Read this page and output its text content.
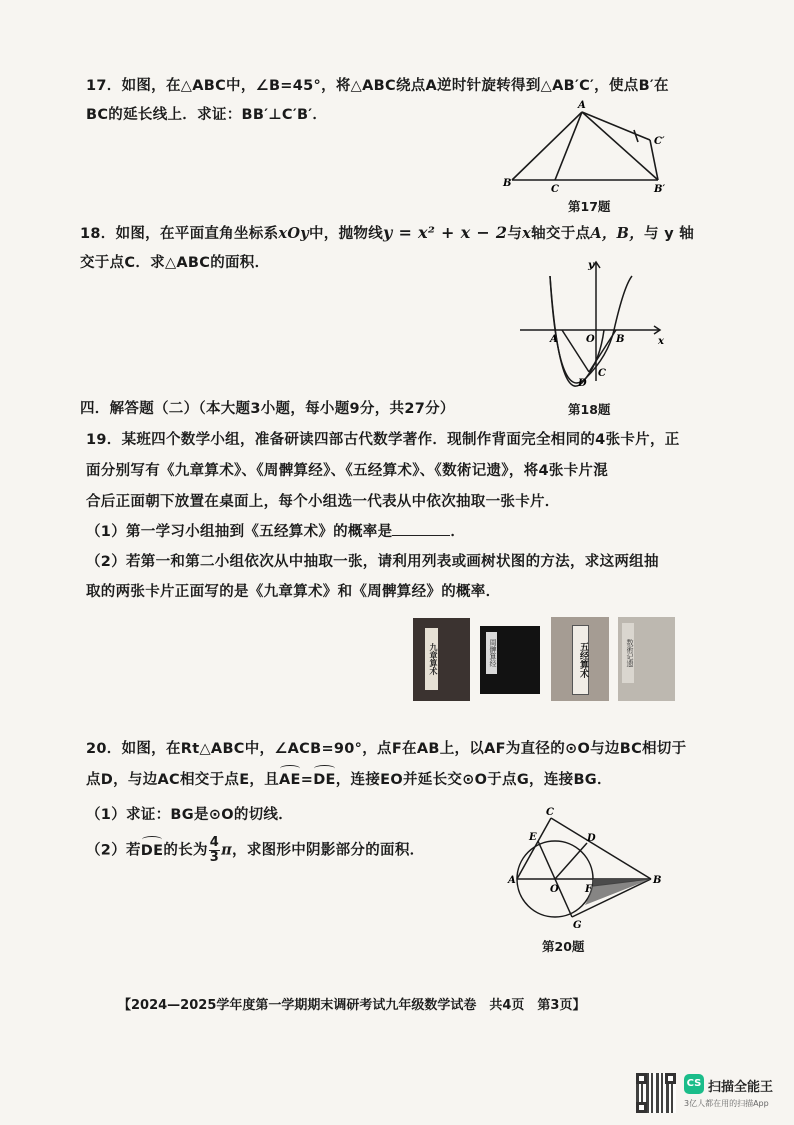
17．如图，在△ABC中，∠B=45°，将△ABC绕点A逆时针旋转得到△AB′C′，使点B′在
BC的延长线上．求证：BB′⊥C′B′．
A
B
C
C′
B′
第17题
18．如图，在平面直角坐标系xOy中，抛物线y = x² + x − 2与x轴交于点A，B，与 y 轴
交于点C．求△ABC的面积．	y
x
A	O B
C
D
四．解答题（二）（本大题3小题，每小题9分，共27分）	第18题
19．某班四个数学小组，准备研读四部古代数学著作．现制作背面完全相同的4张卡片，正
面分别写有《九章算术》、《周髀算经》、《五经算术》、《数術记遗》，将4张卡片混
合后正面朝下放置在桌面上，每个小组选一代表从中依次抽取一张卡片．
（1）第一学习小组抽到《五经算术》的概率是	．
（2）若第一和第二小组依次从中抽取一张，请利用列表或画树状图的方法，求这两组抽
取的两张卡片正面写的是《九章算术》和《周髀算经》的概率．
九章算术	周髀算经	五经算术	数術记遗
20．如图，在Rt△ABC中，∠ACB=90°，点F在AB上，以AF为直径的⊙O与边BC相切于
点D，与边AC相交于点E，且AE=DE，连接EO并延长交⊙O于点G，连接BG．
（1）求证：BG是⊙O的切线．
（2）若DE的长为 $\frac{4}{3}$ π，求图形中阴影部分的面积．
C
E	D
A
O	F
B
G
第20题
【2024—2025学年度第一学期期末调研考试九年级数学试卷　共4页　第3页】
CS 扫描全能王
3亿人都在用的扫描App
